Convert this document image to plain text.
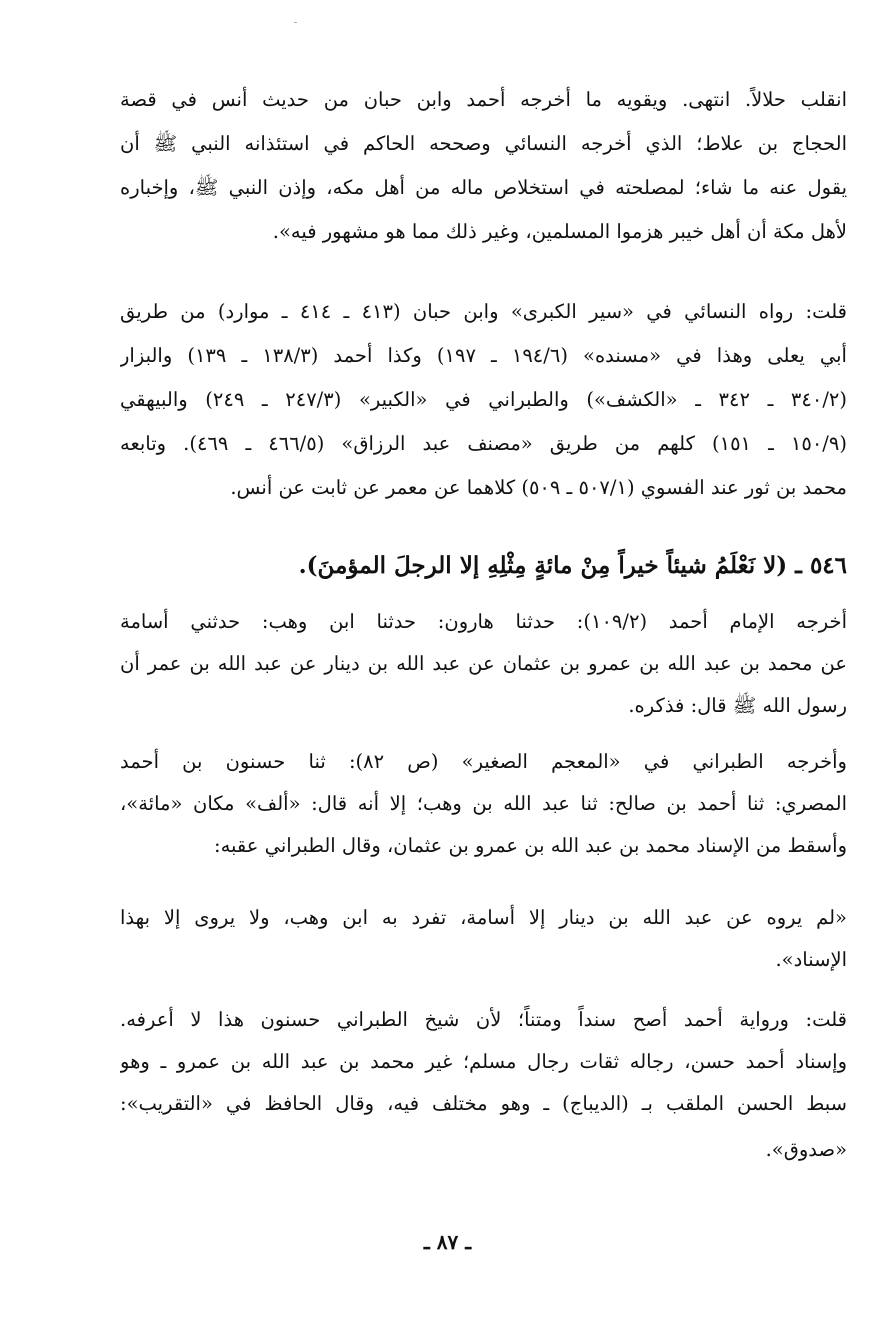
انقلب حلالاً. انتهى. ويقويه ما أخرجه أحمد وابن حبان من حديث أنس في قصة
الحجاج بن علاط؛ الذي أخرجه النسائي وصححه الحاكم في استئذانه النبي ﷺ أن
يقول عنه ما شاء؛ لمصلحته في استخلاص ماله من أهل مكه، وإذن النبي ﷺ، وإخباره
لأهل مكة أن أهل خيبر هزموا المسلمين، وغير ذلك مما هو مشهور فيه».
قلت: رواه النسائي في «سير الكبرى» وابن حبان (٤١٣ ـ ٤١٤ ـ موارد) من طريق
أبي يعلى وهذا في «مسنده» (١٩٤/٦ ـ ١٩٧) وكذا أحمد (١٣٨/٣ ـ ١٣٩) والبزار
(٣٤٠/٢ ـ ٣٤٢ ـ «الكشف») والطبراني في «الكبير» (٢٤٧/٣ ـ ٢٤٩) والبيهقي
(١٥٠/٩ ـ ١٥١) كلهم من طريق «مصنف عبد الرزاق» (٤٦٦/٥ ـ ٤٦٩). وتابعه
محمد بن ثور عند الفسوي (٥٠٧/١ ـ ٥٠٩) كلاهما عن معمر عن ثابت عن أنس.
٥٤٦ ـ (لا نَعْلَمُ شيئاً خيراً مِنْ مائةٍ مِثْلِهِ إلا الرجلَ المؤمنَ).
أخرجه الإمام أحمد (١٠٩/٢): حدثنا هارون: حدثنا ابن وهب: حدثني أسامة
عن محمد بن عبد الله بن عمرو بن عثمان عن عبد الله بن دينار عن عبد الله بن عمر أن
رسول الله ﷺ قال: فذكره.
وأخرجه الطبراني في «المعجم الصغير» (ص ٨٢): ثنا حسنون بن أحمد
المصري: ثنا أحمد بن صالح: ثنا عبد الله بن وهب؛ إلا أنه قال: «ألف» مكان «مائة»،
وأسقط من الإسناد محمد بن عبد الله بن عمرو بن عثمان، وقال الطبراني عقبه:
«لم يروه عن عبد الله بن دينار إلا أسامة، تفرد به ابن وهب، ولا يروى إلا بهذا
الإسناد».
قلت: ورواية أحمد أصح سنداً ومتناً؛ لأن شيخ الطبراني حسنون هذا لا أعرفه.
وإسناد أحمد حسن، رجاله ثقات رجال مسلم؛ غير محمد بن عبد الله بن عمرو ـ وهو
سبط الحسن الملقب بـ (الديباج) ـ وهو مختلف فيه، وقال الحافظ في «التقريب»:
«صدوق».
ـ ٨٧ ـ
